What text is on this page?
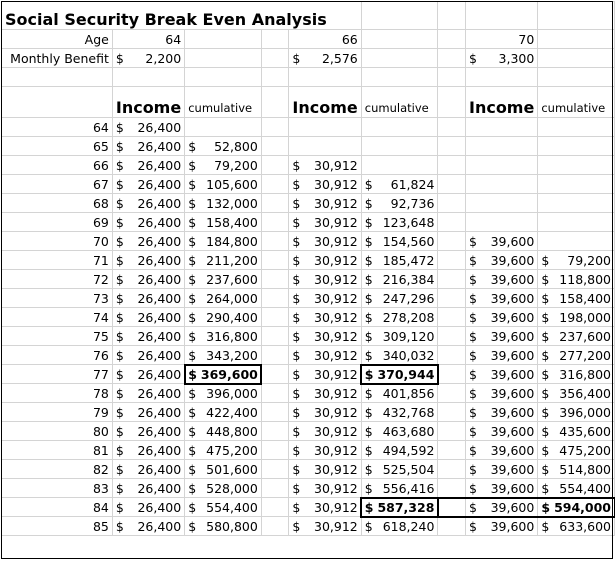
Social Security Break Even Analysis								
Age	64			66			70	
Monthly Benefit	$ 2,200			$ 2,576			$ 3,300	

	Income	cumulative		Income	cumulative		Income	cumulative
64	$ 26,400							

65	$ 26,400	$ 52,800						

66	$ 26,400	$ 79,200		$ 30,912				

67	$ 26,400	$ 105,600		$ 30,912	$ 61,824			

68	$ 26,400	$ 132,000		$ 30,912	$ 92,736			

69	$ 26,400	$ 158,400		$ 30,912	$ 123,648			

70	$ 26,400	$ 184,800		$ 30,912	$ 154,560		$ 39,600	

71	$ 26,400	$ 211,200		$ 30,912	$ 185,472		$ 39,600	$ 79,200

72	$ 26,400	$ 237,600		$ 30,912	$ 216,384		$ 39,600	$ 118,800

73	$ 26,400	$ 264,000		$ 30,912	$ 247,296		$ 39,600	$ 158,400

74	$ 26,400	$ 290,400		$ 30,912	$ 278,208		$ 39,600	$ 198,000

75	$ 26,400	$ 316,800		$ 30,912	$ 309,120		$ 39,600	$ 237,600

76	$ 26,400	$ 343,200		$ 30,912	$ 340,032		$ 39,600	$ 277,200

77	$ 26,400	$ 369,600		$ 30,912	$ 370,944		$ 39,600	$ 316,800

78	$ 26,400	$ 396,000		$ 30,912	$ 401,856		$ 39,600	$ 356,400

79	$ 26,400	$ 422,400		$ 30,912	$ 432,768		$ 39,600	$ 396,000

80	$ 26,400	$ 448,800		$ 30,912	$ 463,680		$ 39,600	$ 435,600

81	$ 26,400	$ 475,200		$ 30,912	$ 494,592		$ 39,600	$ 475,200

82	$ 26,400	$ 501,600		$ 30,912	$ 525,504		$ 39,600	$ 514,800

83	$ 26,400	$ 528,000		$ 30,912	$ 556,416		$ 39,600	$ 554,400

84	$ 26,400	$ 554,400		$ 30,912	$ 587,328		$ 39,600	$ 594,000

85	$ 26,400	$ 580,800		$ 30,912	$ 618,240		$ 39,600	$ 633,600
